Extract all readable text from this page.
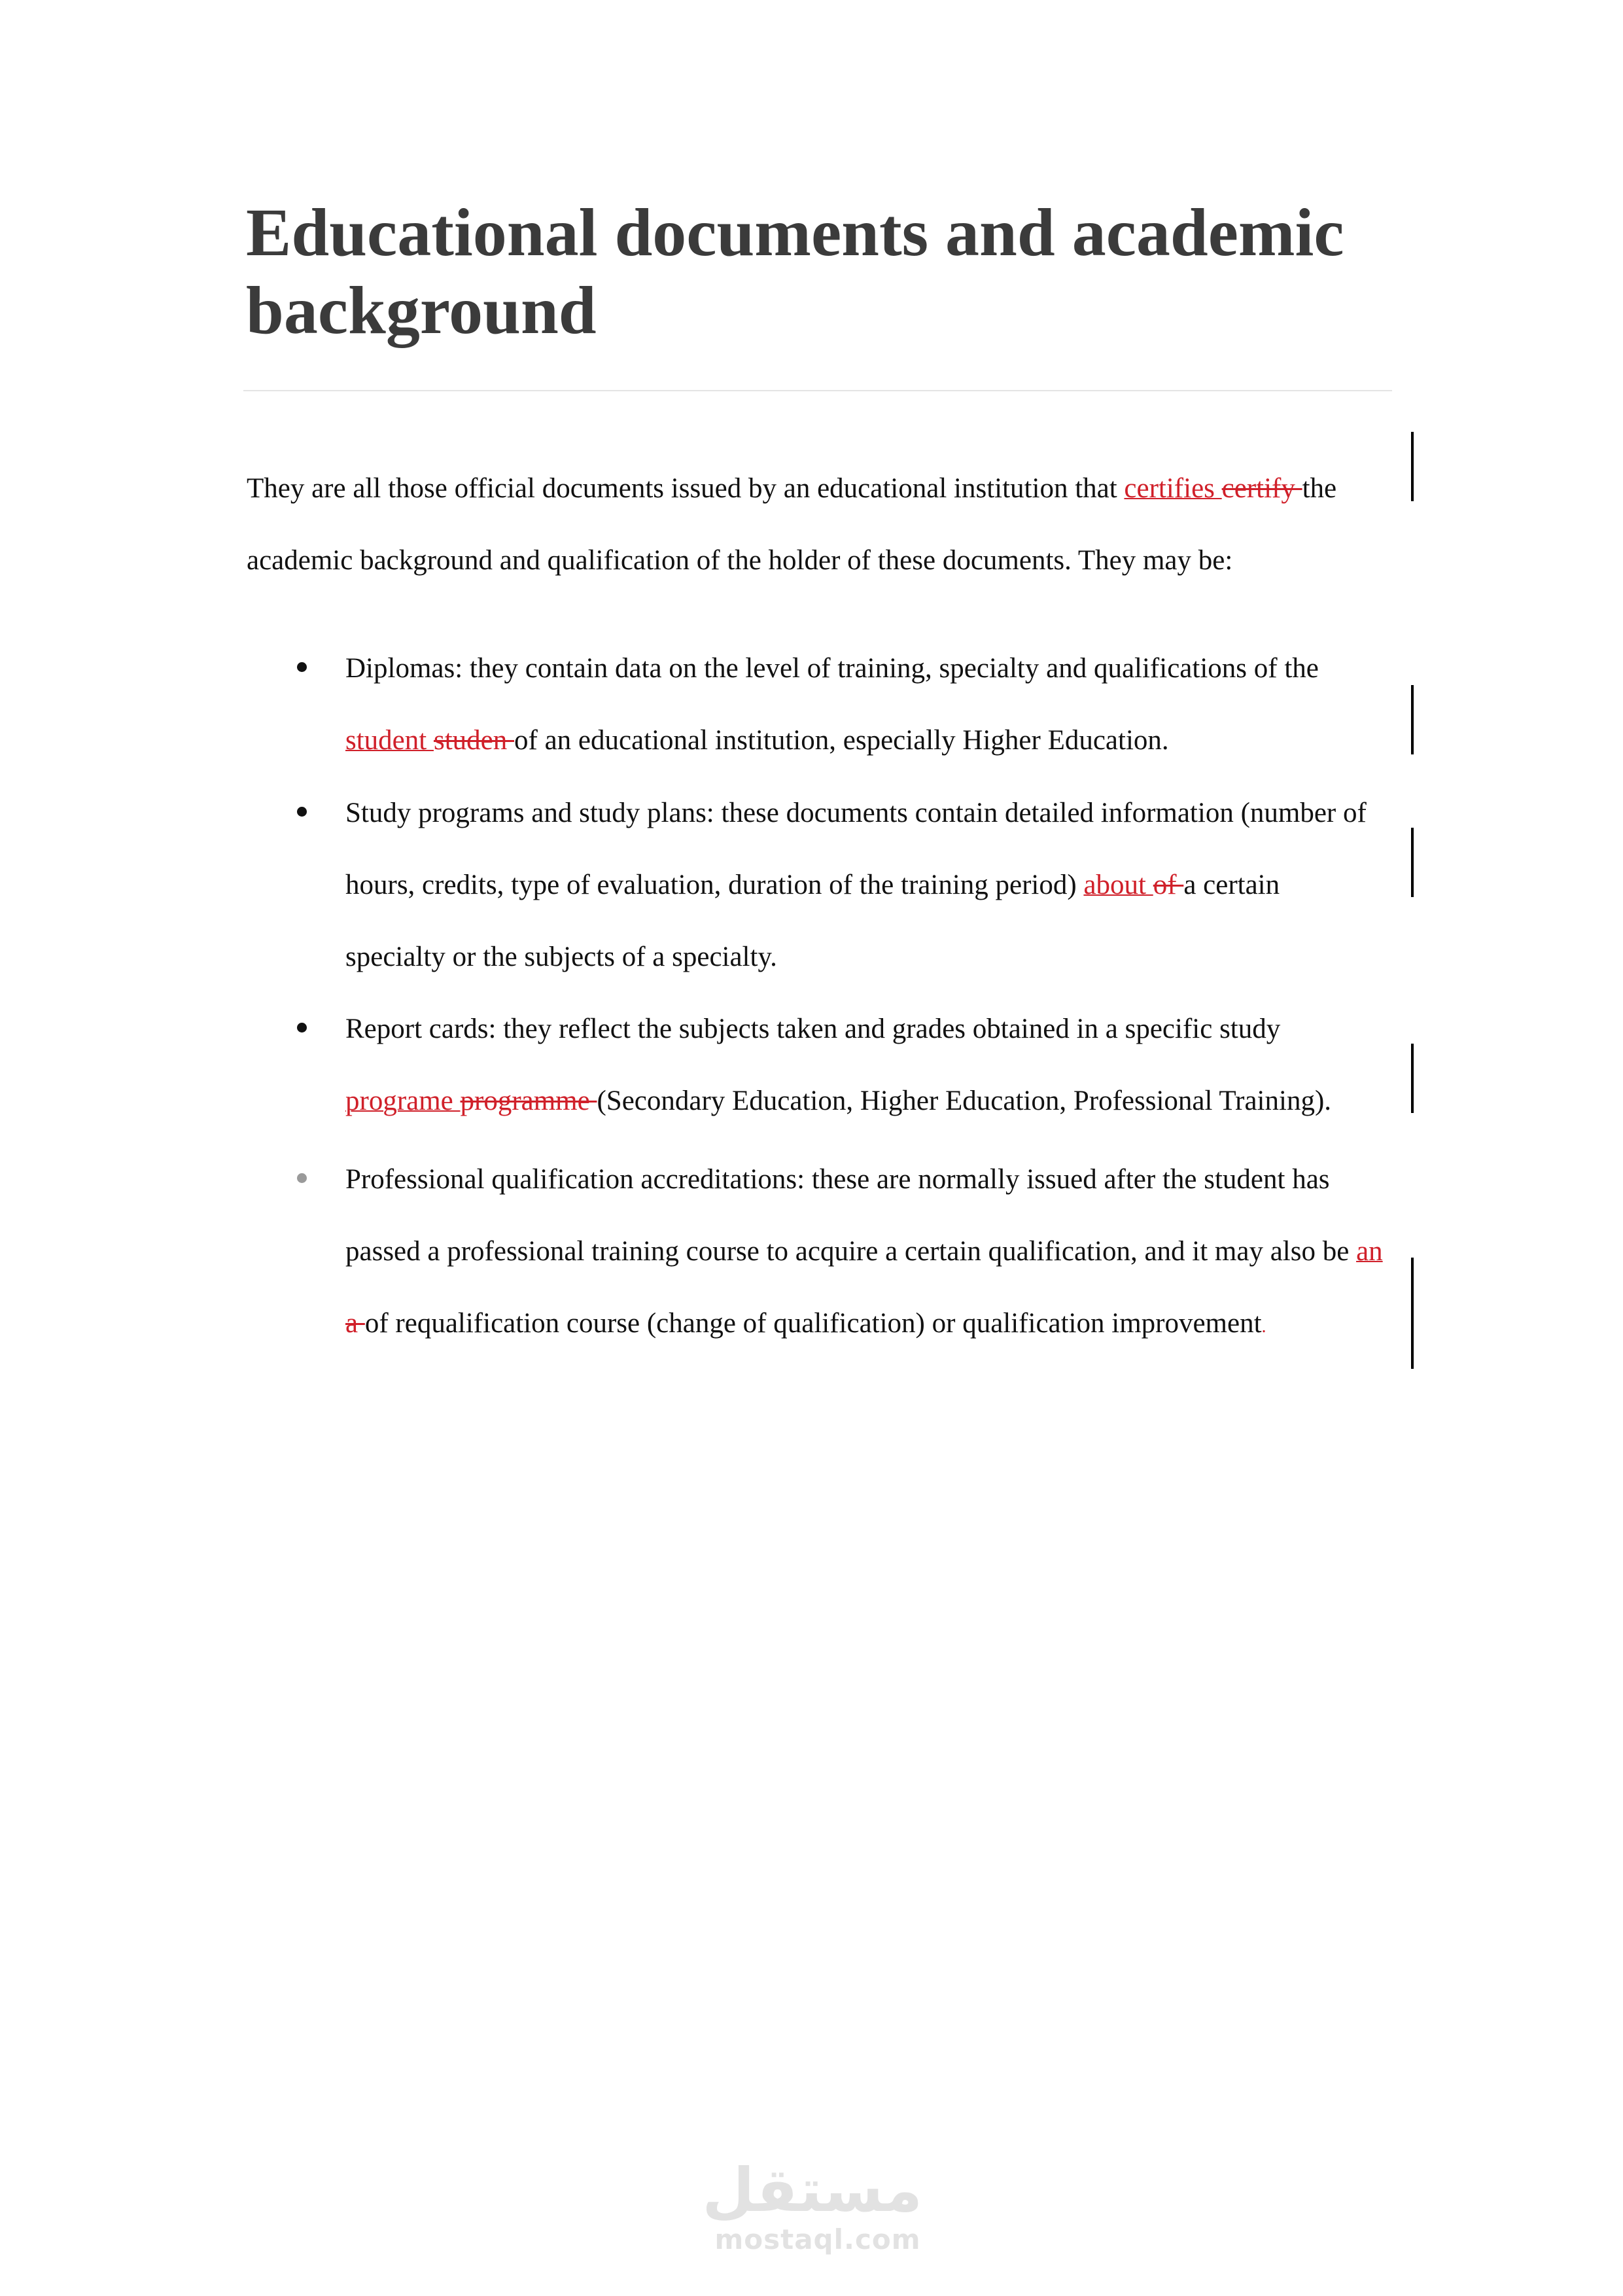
Educational documents and academic background

They are all those official documents issued by an educational institution that certifies certify the academic background and qualification of the holder of these documents. They may be:

Diplomas: they contain data on the level of training, specialty and qualifications of the student studen of an educational institution, especially Higher Education.

Study programs and study plans: these documents contain detailed information (number of hours, credits, type of evaluation, duration of the training period) about of a certain specialty or the subjects of a specialty.

Report cards: they reflect the subjects taken and grades obtained in a specific study programe programme (Secondary Education, Higher Education, Professional Training).

Professional qualification accreditations: these are normally issued after the student has passed a professional training course to acquire a certain qualification, and it may also be an a of requalification course (change of qualification) or qualification improvement.

مستقل
mostaql.com
